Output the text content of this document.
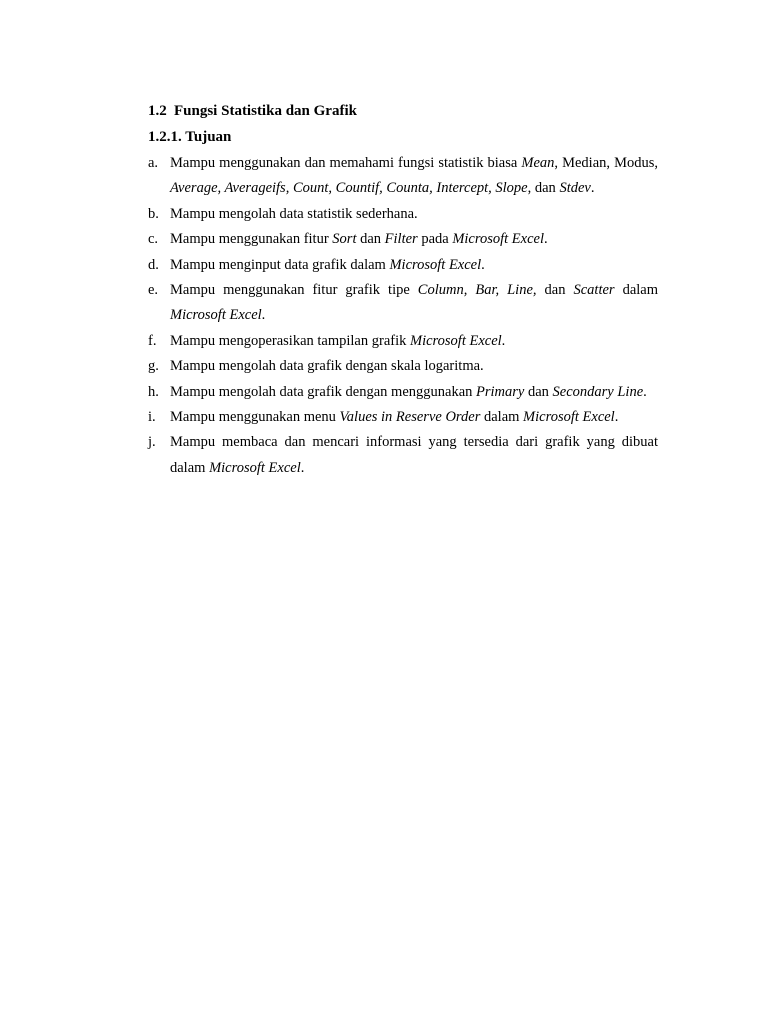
1.2 Fungsi Statistika dan Grafik
1.2.1. Tujuan
a. Mampu menggunakan dan memahami fungsi statistik biasa Mean, Median, Modus, Average, Averageifs, Count, Countif, Counta, Intercept, Slope, dan Stdev.
b. Mampu mengolah data statistik sederhana.
c. Mampu menggunakan fitur Sort dan Filter pada Microsoft Excel.
d. Mampu menginput data grafik dalam Microsoft Excel.
e. Mampu menggunakan fitur grafik tipe Column, Bar, Line, dan Scatter dalam Microsoft Excel.
f. Mampu mengoperasikan tampilan grafik Microsoft Excel.
g. Mampu mengolah data grafik dengan skala logaritma.
h. Mampu mengolah data grafik dengan menggunakan Primary dan Secondary Line.
i. Mampu menggunakan menu Values in Reserve Order dalam Microsoft Excel.
j. Mampu membaca dan mencari informasi yang tersedia dari grafik yang dibuat dalam Microsoft Excel.
